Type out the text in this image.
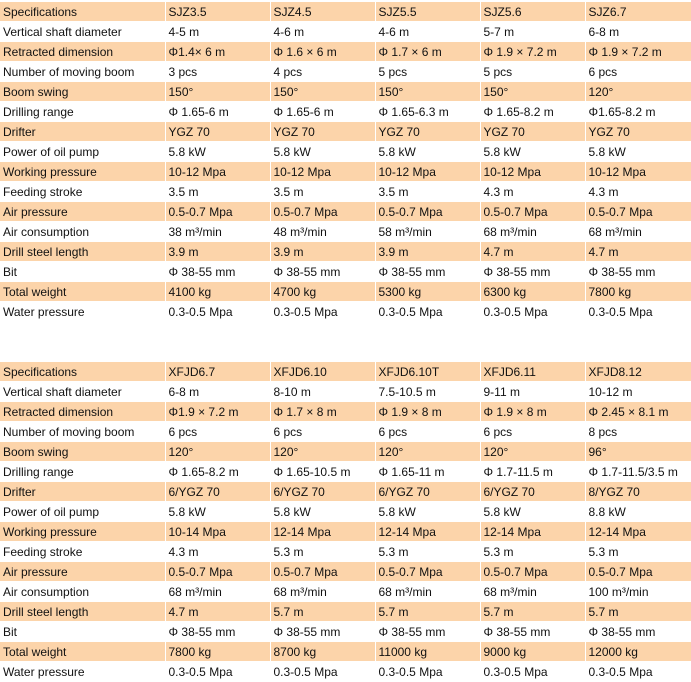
Specifications	SJZ3.5	SJZ4.5	SJZ5.5	SJZ5.6	SJZ6.7
Vertical shaft diameter	4-5 m	4-6 m	4-6 m	5-7 m	6-8 m
Retracted dimension	Φ1.4× 6 m	Φ 1.6 × 6 m	Φ 1.7 × 6 m	Φ 1.9 × 7.2 m	Φ 1.9 × 7.2 m
Number of moving boom	3 pcs	4 pcs	5 pcs	5 pcs	6 pcs
Boom swing	150°	150°	150°	150°	120°
Drilling range	Φ 1.65-6 m	Φ 1.65-6 m	Φ 1.65-6.3 m	Φ 1.65-8.2 m	Φ1.65-8.2 m
Drifter	YGZ 70	YGZ 70	YGZ 70	YGZ 70	YGZ 70
Power of oil pump	5.8 kW	5.8 kW	5.8 kW	5.8 kW	5.8 kW
Working pressure	10-12 Mpa	10-12 Mpa	10-12 Mpa	10-12 Mpa	10-12 Mpa
Feeding stroke	3.5 m	3.5 m	3.5 m	4.3 m	4.3 m
Air pressure	0.5-0.7 Mpa	0.5-0.7 Mpa	0.5-0.7 Mpa	0.5-0.7 Mpa	0.5-0.7 Mpa
Air consumption	38 m³/min	48 m³/min	58 m³/min	68 m³/min	68 m³/min
Drill steel length	3.9 m	3.9 m	3.9 m	4.7 m	4.7 m
Bit	Φ 38-55 mm	Φ 38-55 mm	Φ 38-55 mm	Φ 38-55 mm	Φ 38-55 mm
Total weight	4100 kg	4700 kg	5300 kg	6300 kg	7800 kg
Water pressure	0.3-0.5 Mpa	0.3-0.5 Mpa	0.3-0.5 Mpa	0.3-0.5 Mpa	0.3-0.5 Mpa
Specifications	XFJD6.7	XFJD6.10	XFJD6.10T	XFJD6.11	XFJD8.12
Vertical shaft diameter	6-8 m	8-10 m	7.5-10.5 m	9-11 m	10-12 m
Retracted dimension	Φ1.9 × 7.2 m	Φ 1.7 × 8 m	Φ 1.9 × 8 m	Φ 1.9 × 8 m	Φ 2.45 × 8.1 m
Number of moving boom	6 pcs	6 pcs	6 pcs	6 pcs	8 pcs
Boom swing	120°	120°	120°	120°	96°
Drilling range	Φ 1.65-8.2 m	Φ 1.65-10.5 m	Φ 1.65-11 m	Φ 1.7-11.5 m	Φ 1.7-11.5/3.5 m
Drifter	6/YGZ 70	6/YGZ 70	6/YGZ 70	6/YGZ 70	8/YGZ 70
Power of oil pump	5.8 kW	5.8 kW	5.8 kW	5.8 kW	8.8 kW
Working pressure	10-14 Mpa	12-14 Mpa	12-14 Mpa	12-14 Mpa	12-14 Mpa
Feeding stroke	4.3 m	5.3 m	5.3 m	5.3 m	5.3 m
Air pressure	0.5-0.7 Mpa	0.5-0.7 Mpa	0.5-0.7 Mpa	0.5-0.7 Mpa	0.5-0.7 Mpa
Air consumption	68 m³/min	68 m³/min	68 m³/min	68 m³/min	100 m³/min
Drill steel length	4.7 m	5.7 m	5.7 m	5.7 m	5.7 m
Bit	Φ 38-55 mm	Φ 38-55 mm	Φ 38-55 mm	Φ 38-55 mm	Φ 38-55 mm
Total weight	7800 kg	8700 kg	11000 kg	9000 kg	12000 kg
Water pressure	0.3-0.5 Mpa	0.3-0.5 Mpa	0.3-0.5 Mpa	0.3-0.5 Mpa	0.3-0.5 Mpa
